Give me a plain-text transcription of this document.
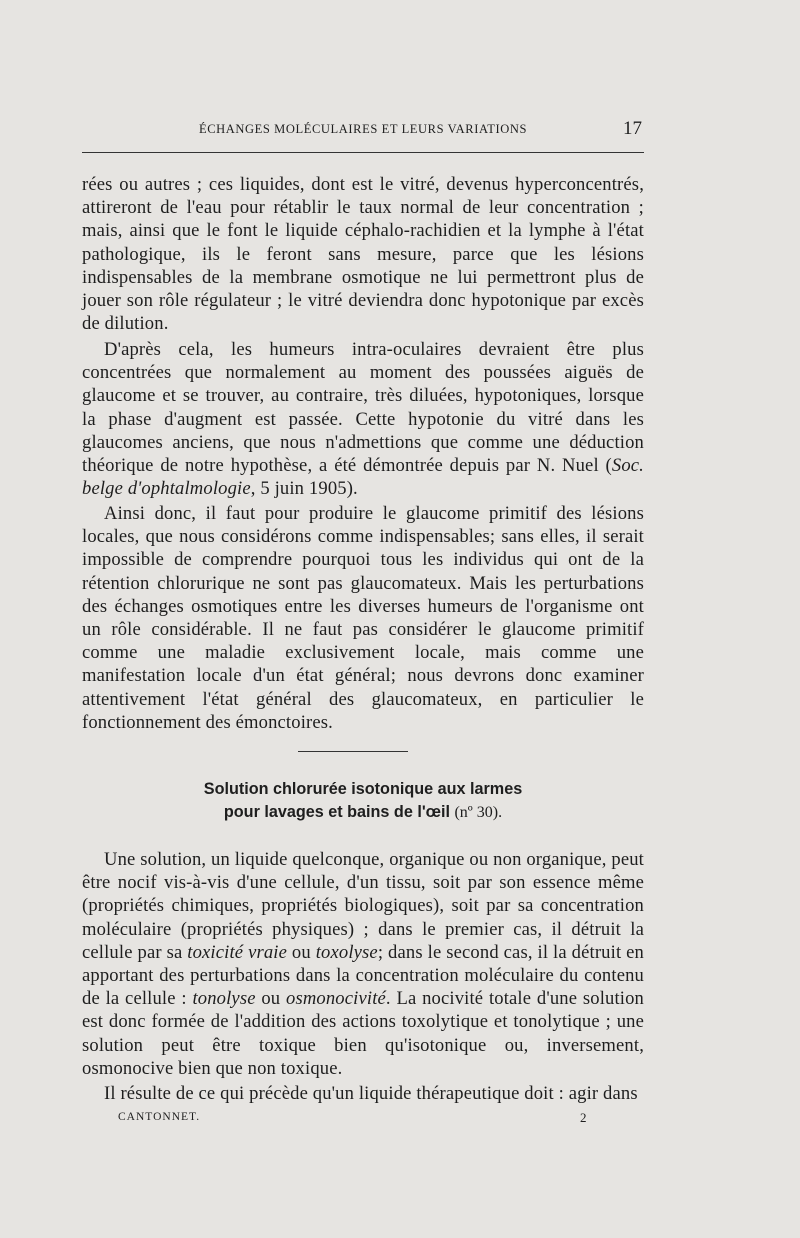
ÉCHANGES MOLÉCULAIRES ET LEURS VARIATIONS	17

rées ou autres ; ces liquides, dont est le vitré, devenus hyperconcentrés, attireront de l'eau pour rétablir le taux normal de leur concentration ; mais, ainsi que le font le liquide céphalo-rachidien et la lymphe à l'état pathologique, ils le feront sans mesure, parce que les lésions indispensables de la membrane osmotique ne lui permettront plus de jouer son rôle régulateur ; le vitré deviendra donc hypotonique par excès de dilution.

D'après cela, les humeurs intra-oculaires devraient être plus concentrées que normalement au moment des poussées aiguës de glaucome et se trouver, au contraire, très diluées, hypotoniques, lorsque la phase d'augment est passée. Cette hypotonie du vitré dans les glaucomes anciens, que nous n'admettions que comme une déduction théorique de notre hypothèse, a été démontrée depuis par N. Nuel (Soc. belge d'ophtalmologie, 5 juin 1905).

Ainsi donc, il faut pour produire le glaucome primitif des lésions locales, que nous considérons comme indispensables; sans elles, il serait impossible de comprendre pourquoi tous les individus qui ont de la rétention chlorurique ne sont pas glaucomateux. Mais les perturbations des échanges osmotiques entre les diverses humeurs de l'organisme ont un rôle considérable. Il ne faut pas considérer le glaucome primitif comme une maladie exclusivement locale, mais comme une manifestation locale d'un état général; nous devrons donc examiner attentivement l'état général des glaucomateux, en particulier le fonctionnement des émonctoires.

Solution chlorurée isotonique aux larmes
pour lavages et bains de l'œil (nº 30).

Une solution, un liquide quelconque, organique ou non organique, peut être nocif vis-à-vis d'une cellule, d'un tissu, soit par son essence même (propriétés chimiques, propriétés biologiques), soit par sa concentration moléculaire (propriétés physiques) ; dans le premier cas, il détruit la cellule par sa toxicité vraie ou toxolyse; dans le second cas, il la détruit en apportant des perturbations dans la concentration moléculaire du contenu de la cellule : tonolyse ou osmonocivité. La nocivité totale d'une solution est donc formée de l'addition des actions toxolytique et tonolytique ; une solution peut être toxique bien qu'isotonique ou, inversement, osmonocive bien que non toxique.

Il résulte de ce qui précède qu'un liquide thérapeutique doit : agir dans

CANTONNET.	2
